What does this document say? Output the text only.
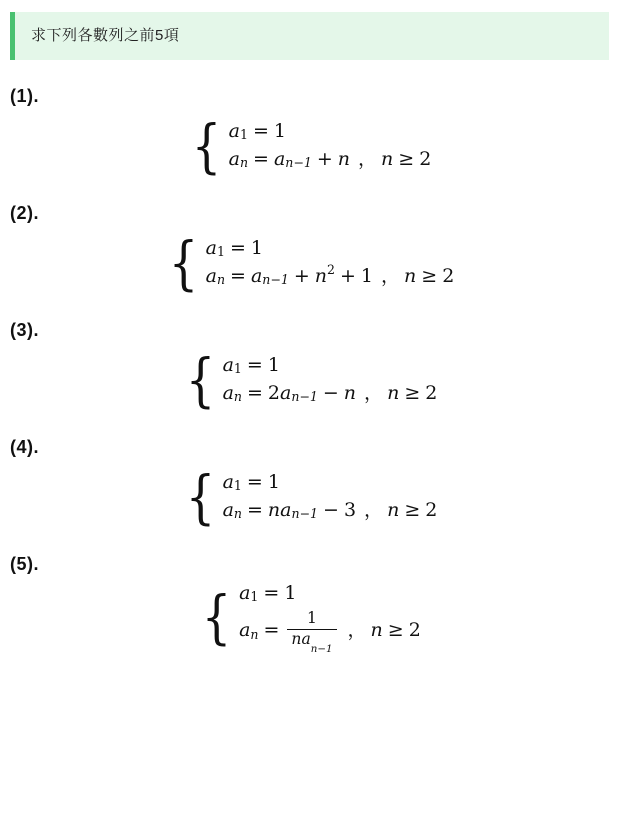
求下列各數列之前5項
(1).
{ a 1 = 1
a n = a n−1 + n ， n ≥ 2
(2).
{ a 1 = 1
a n = a n−1 + n 2 + 1 ， n ≥ 2
(3).
{ a 1 = 1
a n = 2 a n−1 − n ， n ≥ 2
(4).
{ a 1 = 1
a n = n a n−1 − 3 ， n ≥ 2
(5).
{ a 1 = 1
a $n = \frac{1}{na_{n-1}}$ ， n ≥ 2
